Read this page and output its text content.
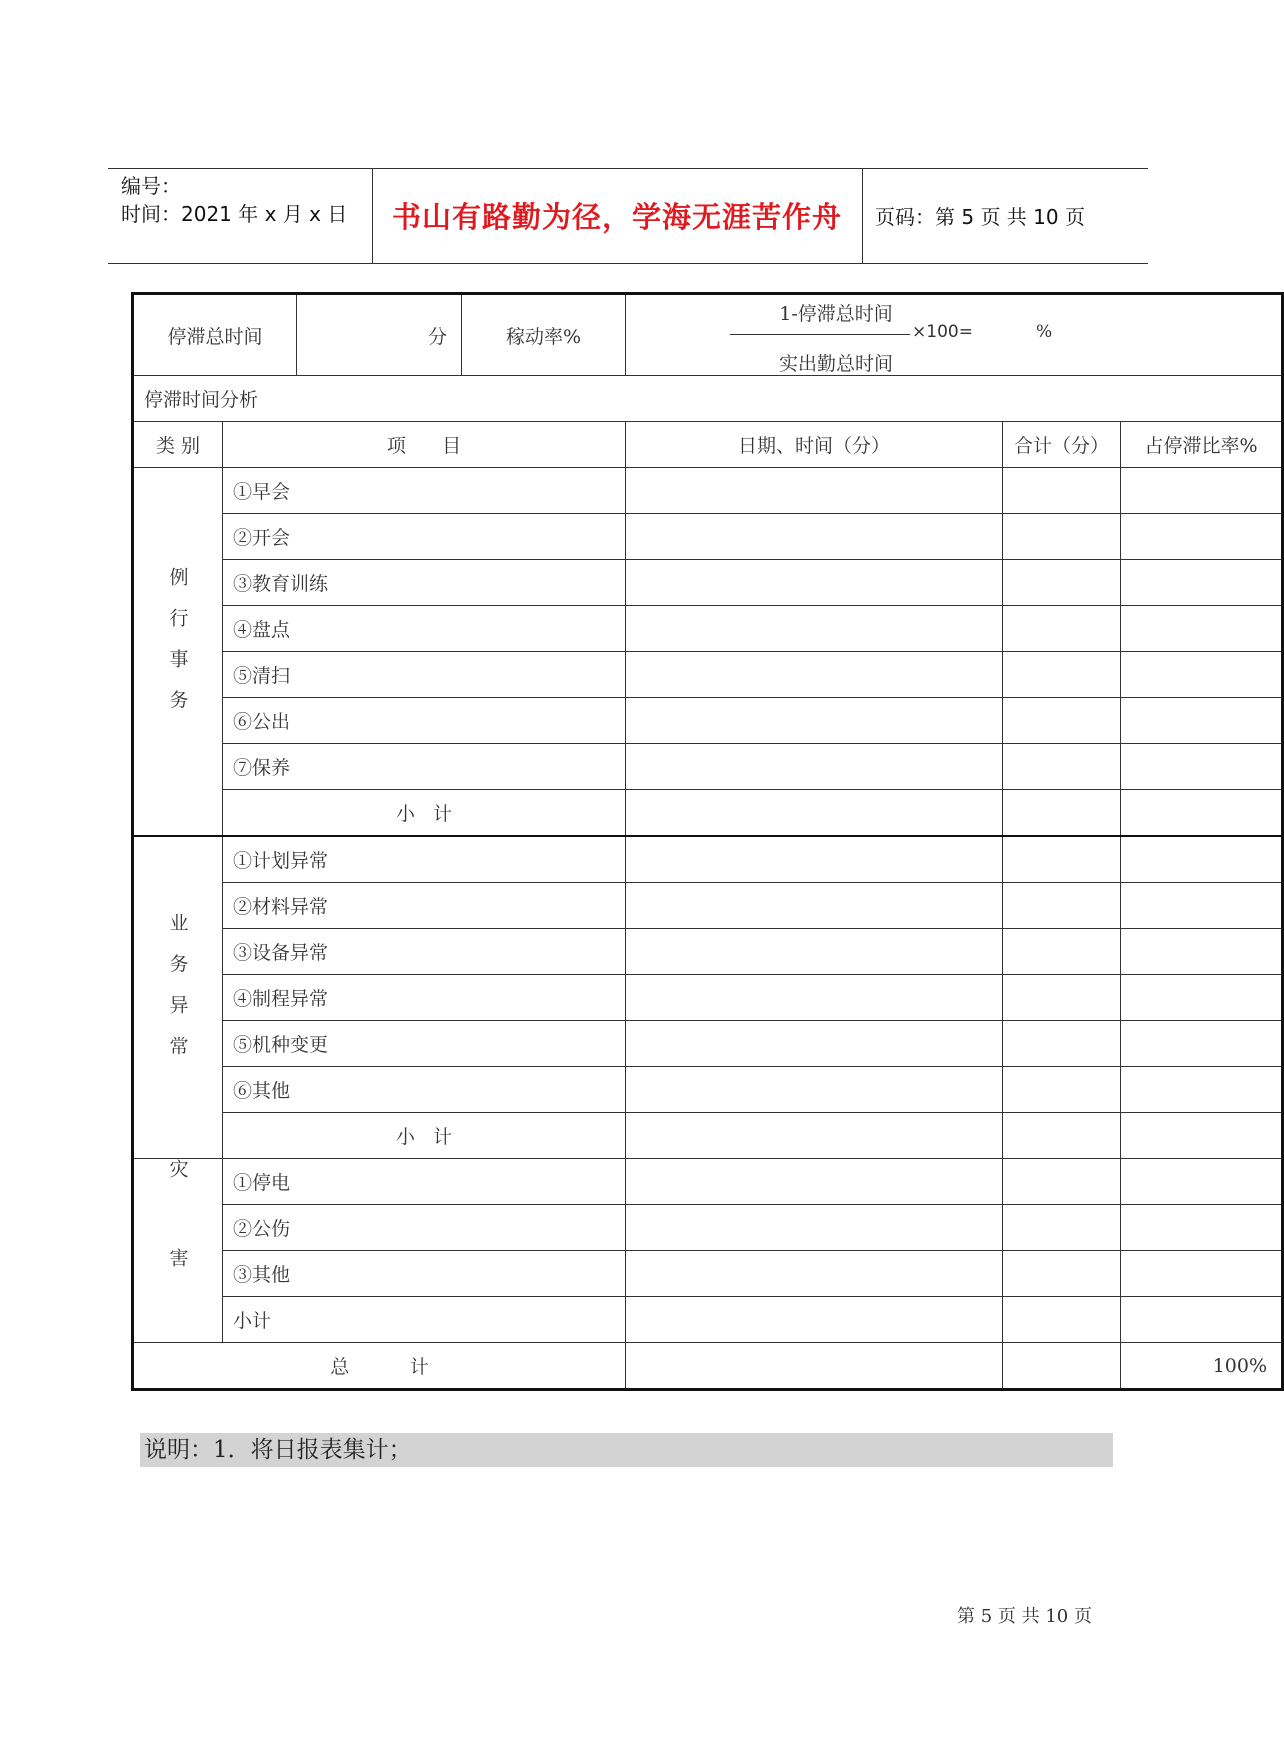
编号：
时间：2021 年 x 月 x 日	书山有路勤为径，学海无涯苦作舟	页码：第 5 页 共 10 页
停滞总时间		分	稼动率%	1-停滞总时间
×100= %
实出勤总时间		

停滞时间分析						
类 别	项      目			日期、时间（分）	合计（分）	占停滞比率%
例行事务	①早会					
	②开会					
	③教育训练					
	④盘点					
	⑤清扫					
	⑥公出					
	⑦保养					
	小   计					
业务异常	①计划异常					
	②材料异常					
	③设备异常					
	④制程异常					
	⑤机种变更					
	⑥其他					
	小   计					
灾害	①停电					
	②公伤					
	③其他					
	小计					
总          计						100%
说明：1．将日报表集计；
第 5 页 共 10 页
